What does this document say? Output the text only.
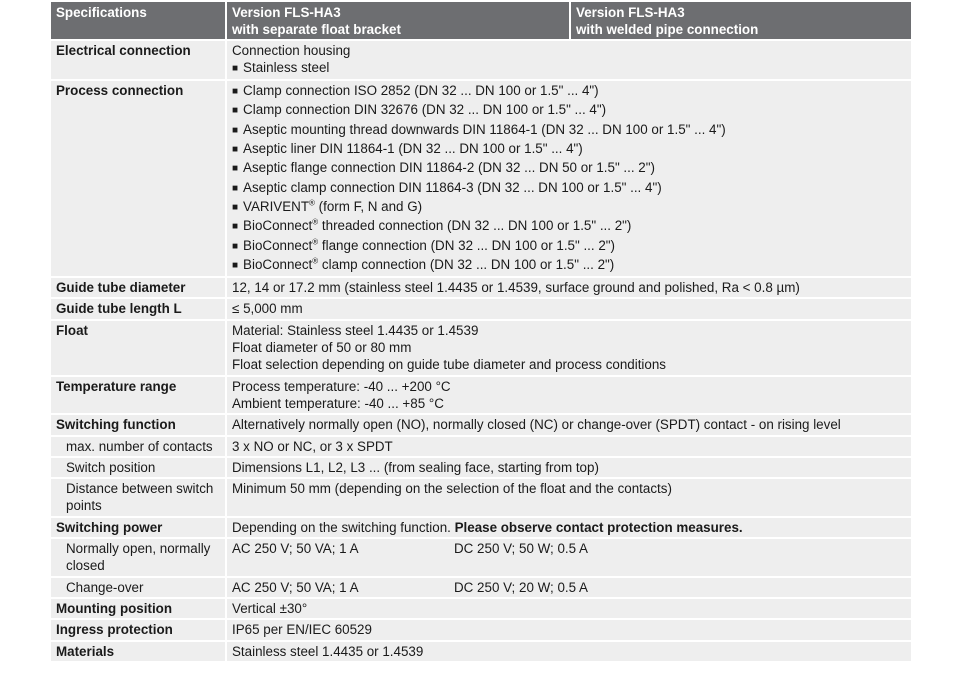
Specifications	Version FLS-HA3
with separate float bracket
Version FLS-HA3
with welded pipe connection
Electrical connection	Connection housing
■ Stainless steel
Process connection
■	Clamp connection ISO 2852 (DN 32 ... DN 100 or 1.5" ... 4")
■ Clamp connection DIN 32676 (DN 32 ... DN 100 or 1.5" ... 4")
■ Aseptic mounting thread downwards DIN 11864-1 (DN 32 ... DN 100 or 1.5" ... 4")
■ Aseptic liner DIN 11864-1 (DN 32 ... DN 100 or 1.5" ... 4")
■ Aseptic flange connection DIN 11864-2 (DN 32 ... DN 50 or 1.5" ... 2")
■ Aseptic clamp connection DIN 11864-3 (DN 32 ... DN 100 or 1.5" ... 4")
■ VARIVENT® (form F, N and G)
■ BioConnect® threaded connection (DN 32 ... DN 100 or 1.5" ... 2")
■ BioConnect® flange connection (DN 32 ... DN 100 or 1.5" ... 2")
■ BioConnect® clamp connection (DN 32 ... DN 100 or 1.5" ... 2")
Guide tube diameter	12, 14 or 17.2 mm (stainless steel 1.4435 or 1.4539, surface ground and polished, Ra < 0.8 µm)
Guide tube length L	≤ 5,000 mm
Float	Material: Stainless steel 1.4435 or 1.4539
Float diameter of 50 or 80 mm
Float selection depending on guide tube diameter and process conditions
Temperature range	Process temperature: -40 ... +200 °C
Ambient temperature: -40 ... +85 °C
Switching function	Alternatively normally open (NO), normally closed (NC) or change-over (SPDT) contact - on rising level
max. number of contacts	3 x NO or NC, or 3 x SPDT
Switch position	Dimensions L1, L2, L3 ... (from sealing face, starting from top)
Distance between switch
points
Minimum 50 mm (depending on the selection of the float and the contacts)
Switching power	Depending on the switching function. Please observe contact protection measures.
Normally open, normally
closed
AC 250 V; 50 VA; 1 A	DC 250 V; 50 W; 0.5 A
Change-over	AC 250 V; 50 VA; 1 A	DC 250 V; 20 W; 0.5 A
Mounting position	Vertical ±30°
Ingress protection	IP65 per EN/IEC 60529
Materials	Stainless steel 1.4435 or 1.4539
